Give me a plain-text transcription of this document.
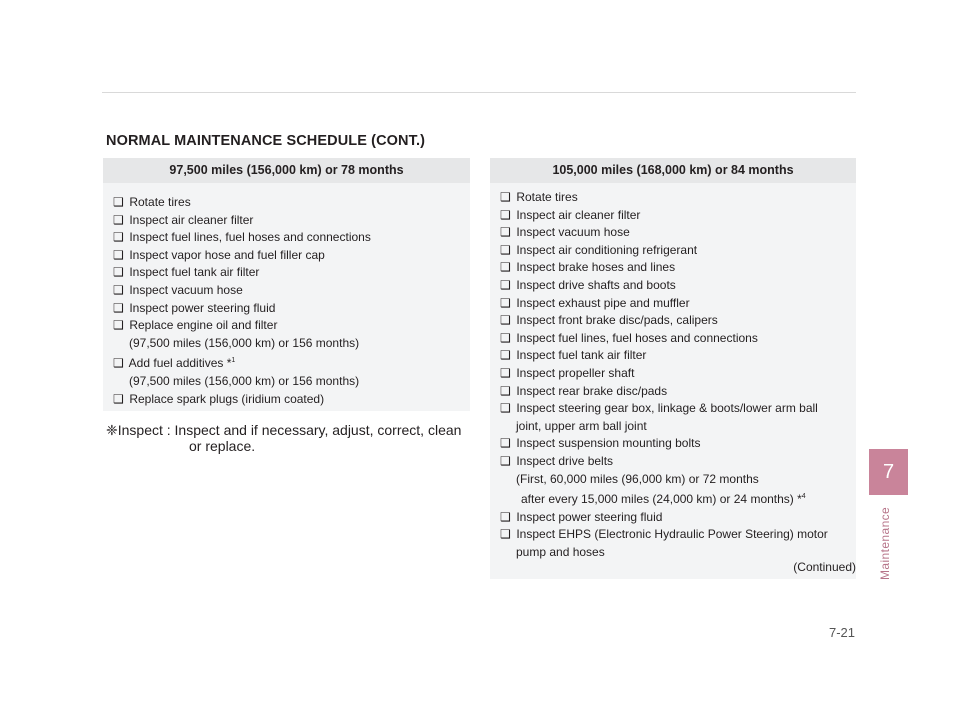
NORMAL MAINTENANCE SCHEDULE (CONT.)
97,500 miles (156,000 km) or 78 months
❑ Rotate tires
❑ Inspect air cleaner filter
❑ Inspect fuel lines, fuel hoses and connections
❑ Inspect vapor hose and fuel filler cap
❑ Inspect fuel tank air filter
❑ Inspect vacuum hose
❑ Inspect power steering fluid
❑ Replace engine oil and filter
(97,500 miles (156,000 km) or 156 months)
❑ Add fuel additives *$^1$
(97,500 miles (156,000 km) or 156 months)
❑ Replace spark plugs (iridium coated)
105,000 miles (168,000 km) or 84 months
❑ Rotate tires
❑ Inspect air cleaner filter
❑ Inspect vacuum hose
❑ Inspect air conditioning refrigerant
❑ Inspect brake hoses and lines
❑ Inspect drive shafts and boots
❑ Inspect exhaust pipe and muffler
❑ Inspect front brake disc/pads, calipers
❑ Inspect fuel lines, fuel hoses and connections
❑ Inspect fuel tank air filter
❑ Inspect propeller shaft
❑ Inspect rear brake disc/pads
❑ Inspect steering gear box, linkage & boots/lower arm ball
joint, upper arm ball joint
❑ Inspect suspension mounting bolts
❑ Inspect drive belts
(First, 60,000 miles (96,000 km) or 72 months
after every 15,000 miles (24,000 km) or 24 months) *$^4$
❑ Inspect power steering fluid
❑ Inspect EHPS (Electronic Hydraulic Power Steering) motor
pump and hoses
(Continued)
❈Inspect : Inspect and if necessary, adjust, correct, clean
or replace.
7
Maintenance
7-21
